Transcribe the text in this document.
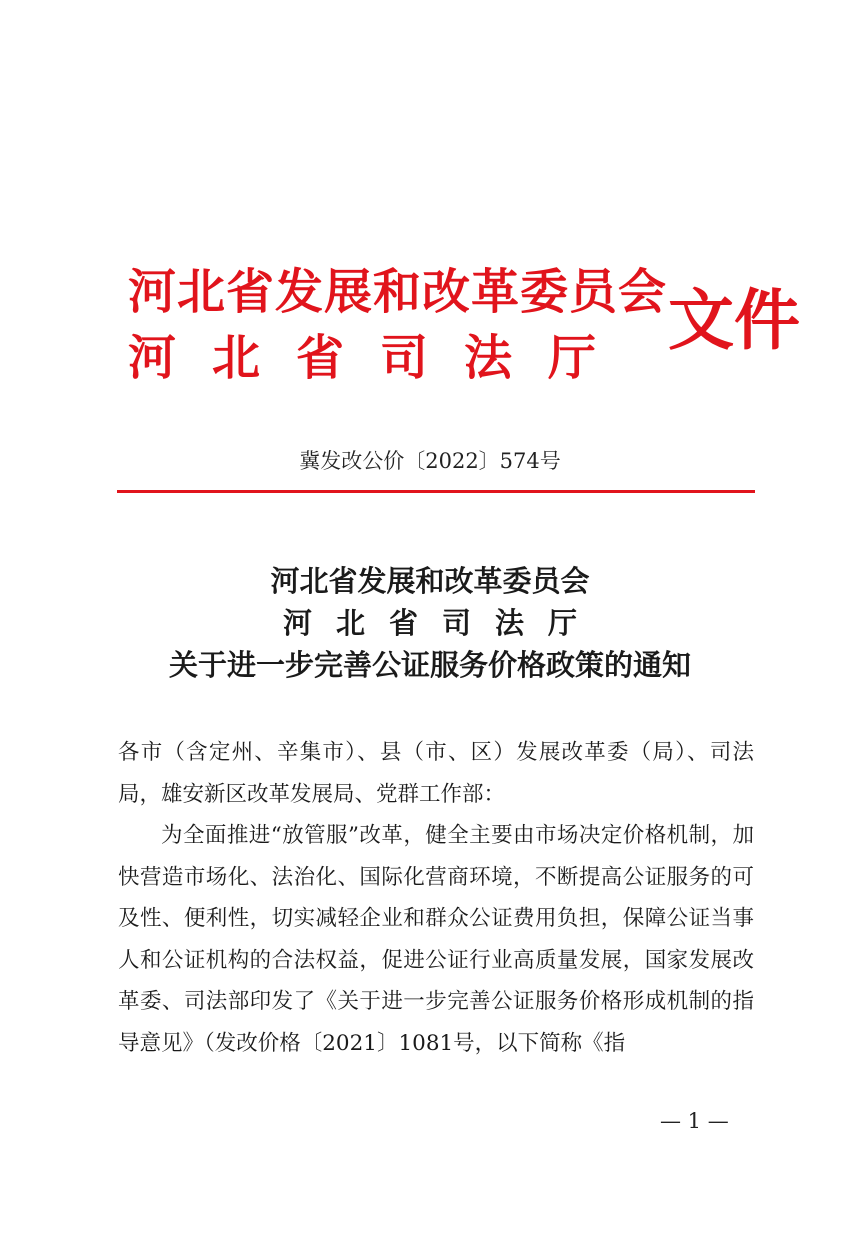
河北省发展和改革委员会
河北省司法厅 文件
冀发改公价〔2022〕574号
河北省发展和改革委员会
河北省司法厅
关于进一步完善公证服务价格政策的通知

各市（含定州、辛集市）、县（市、区）发展改革委（局）、司法局，雄安新区改革发展局、党群工作部：

为全面推进“放管服”改革，健全主要由市场决定价格机制，加快营造市场化、法治化、国际化营商环境，不断提高公证服务的可及性、便利性，切实减轻企业和群众公证费用负担，保障公证当事人和公证机构的合法权益，促进公证行业高质量发展，国家发展改革委、司法部印发了《关于进一步完善公证服务价格形成机制的指导意见》（发改价格〔2021〕1081号，以下简称《指

— 1 —
